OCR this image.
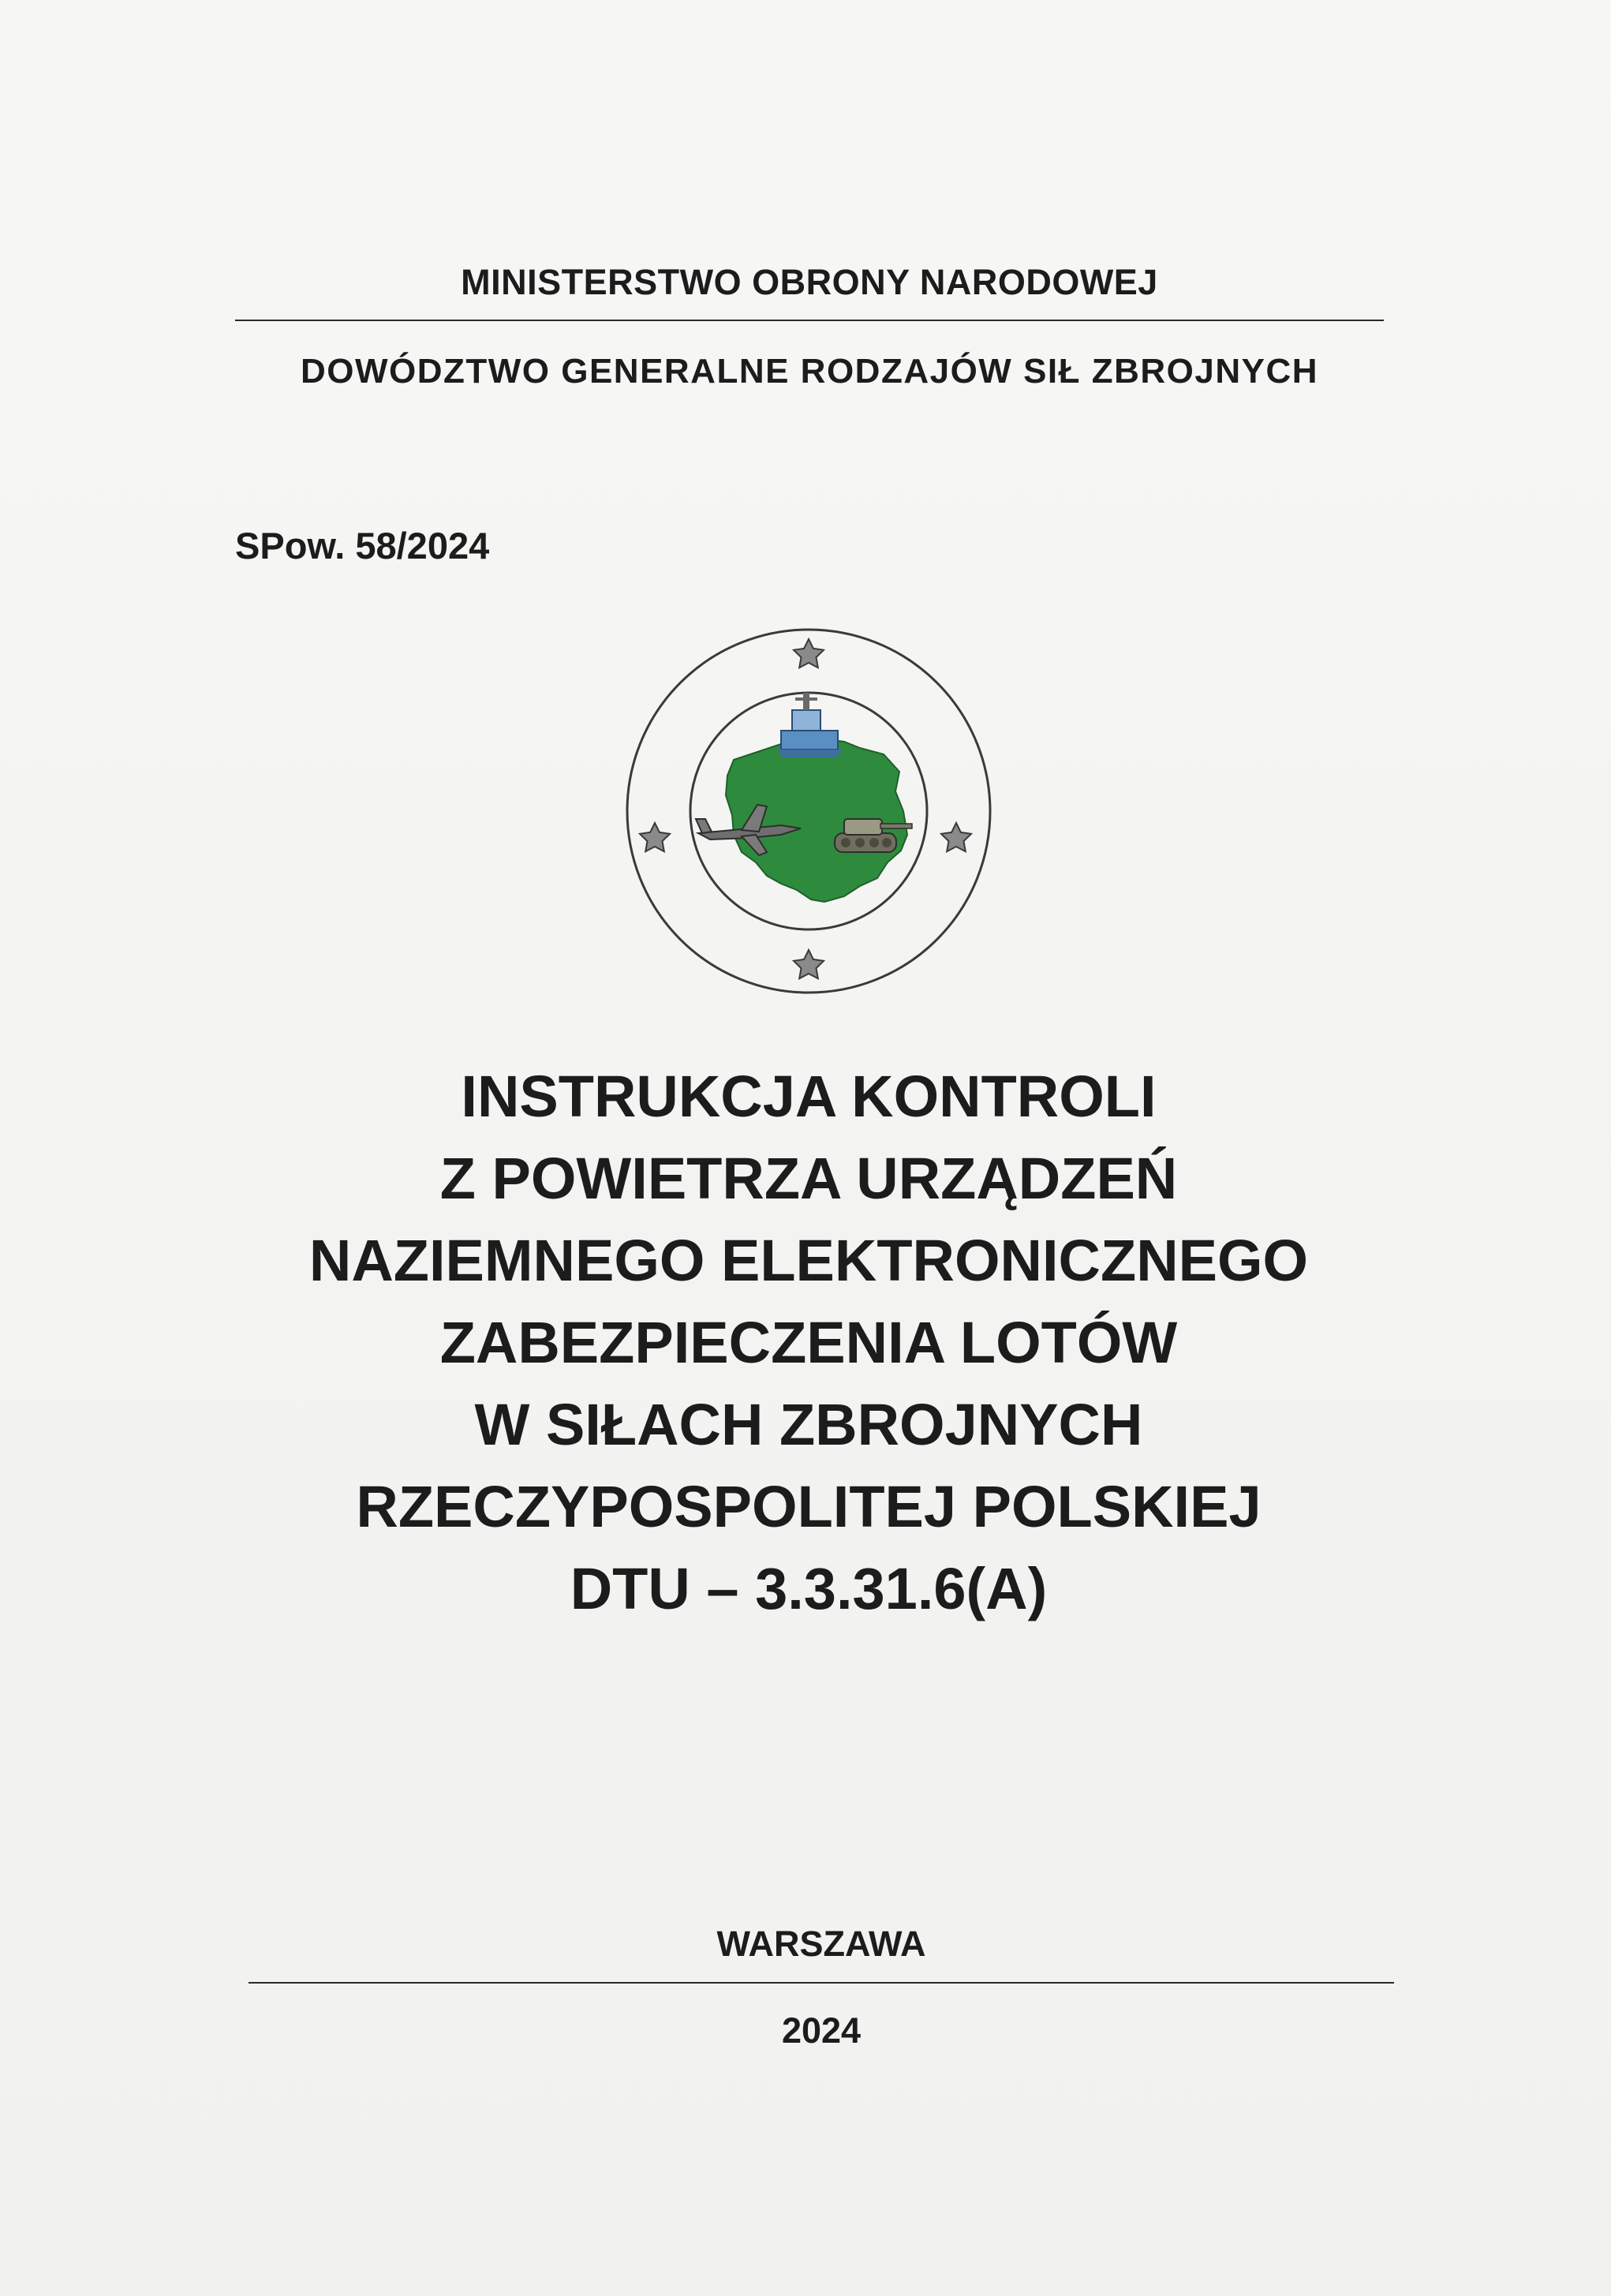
MINISTERSTWO OBRONY NARODOWEJ
DOWÓDZTWO GENERALNE RODZAJÓW SIŁ ZBROJNYCH
SPow. 58/2024
INSTRUKCJA KONTROLI
Z POWIETRZA URZĄDZEŃ
NAZIEMNEGO ELEKTRONICZNEGO
ZABEZPIECZENIA LOTÓW
W SIŁACH ZBROJNYCH
RZECZYPOSPOLITEJ POLSKIEJ
DTU – 3.3.31.6(A)
WARSZAWA
2024
